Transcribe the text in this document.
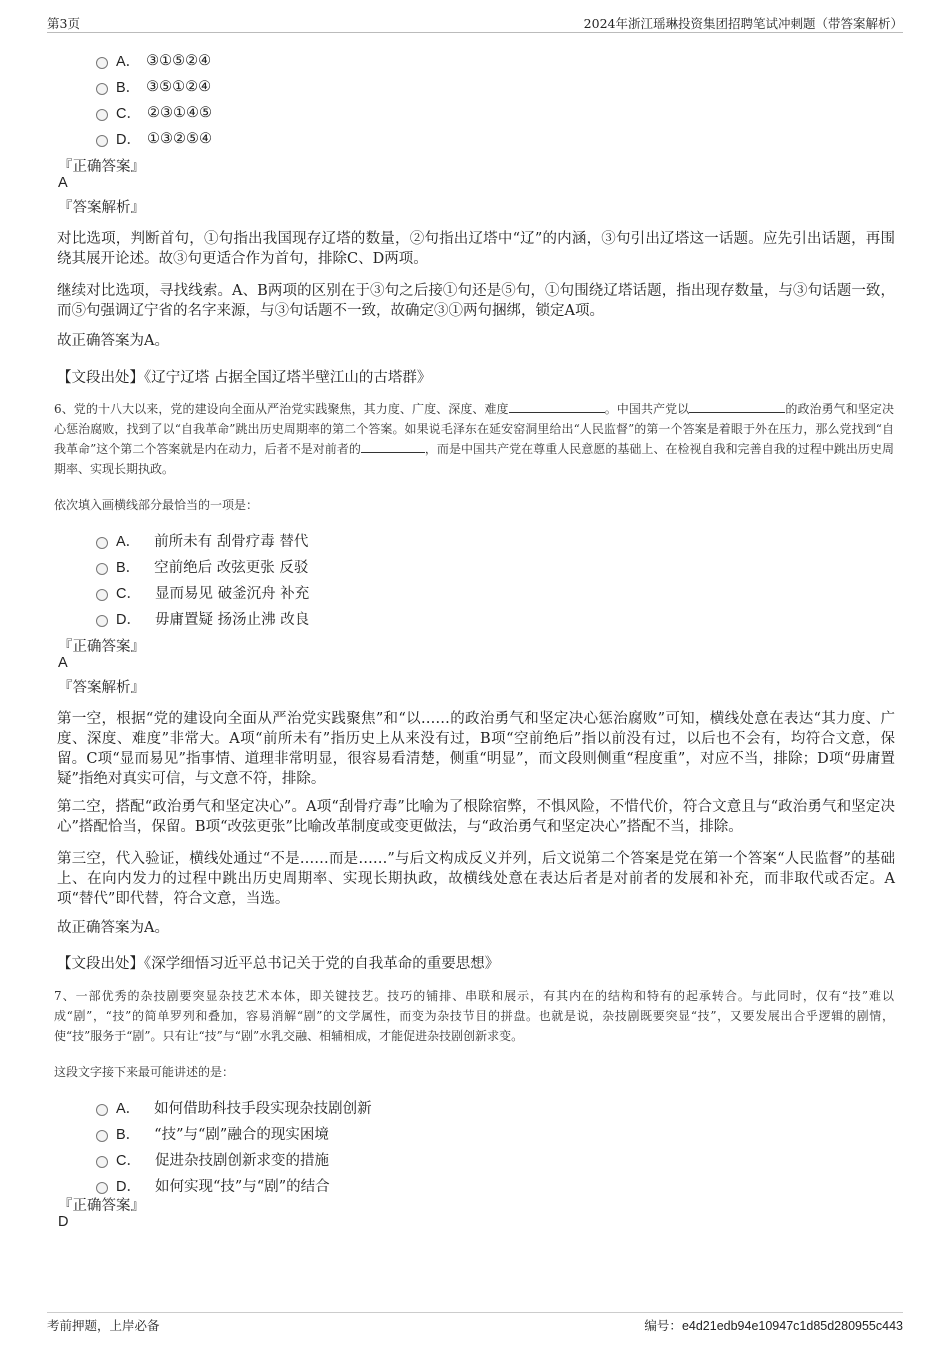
第3页	2024年浙江瑶琳投资集团招聘笔试冲刺题（带答案解析）
A． ③①⑤②④
B． ③⑤①②④
C． ②③①④⑤
D． ①③②⑤④
『正确答案』
A
『答案解析』
对比选项，判断首句，①句指出我国现存辽塔的数量，②句指出辽塔中“辽”的内涵，③句引出辽塔这一话题。应先引出话题，再围绕其展开论述。故③句更适合作为首句，排除C、D两项。
继续对比选项，寻找线索。A、B两项的区别在于③句之后接①句还是⑤句，①句围绕辽塔话题，指出现存数量，与③句话题一致，而⑤句强调辽宁省的名字来源，与③句话题不一致，故确定③①两句捆绑，锁定A项。
故正确答案为A。
【文段出处】《辽宁辽塔 占据全国辽塔半壁江山的古塔群》
6、党的十八大以来，党的建设向全面从严治党实践聚焦，其力度、广度、深度、难度	。中国共产党以	的政治勇气和坚定决心惩治腐败，找到了以“自我革命”跳出历史周期率的第二个答案。如果说毛泽东在延安窑洞里给出“人民监督”的第一个答案是着眼于外在压力，那么党找到“自我革命”这个第二个答案就是内在动力，后者不是对前者的	，而是中国共产党在尊重人民意愿的基础上、在检视自我和完善自我的过程中跳出历史周期率、实现长期执政。
依次填入画横线部分最恰当的一项是：
A． 前所未有 刮骨疗毒 替代
B． 空前绝后 改弦更张 反驳
C． 显而易见 破釜沉舟 补充
D． 毋庸置疑 扬汤止沸 改良
『正确答案』
A
『答案解析』
第一空，根据“党的建设向全面从严治党实践聚焦”和“以……的政治勇气和坚定决心惩治腐败”可知，横线处意在表达“其力度、广度、深度、难度”非常大。A项“前所未有”指历史上从来没有过，B项“空前绝后”指以前没有过，以后也不会有，均符合文意，保留。C项“显而易见”指事情、道理非常明显，很容易看清楚，侧重“明显”，而文段则侧重“程度重”，对应不当，排除；D项“毋庸置疑”指绝对真实可信，与文意不符，排除。
第二空，搭配“政治勇气和坚定决心”。A项“刮骨疗毒”比喻为了根除宿弊，不惧风险，不惜代价，符合文意且与“政治勇气和坚定决心”搭配恰当，保留。B项“改弦更张”比喻改革制度或变更做法，与“政治勇气和坚定决心”搭配不当，排除。
第三空，代入验证，横线处通过“不是……而是……”与后文构成反义并列，后文说第二个答案是党在第一个答案“人民监督”的基础上、在向内发力的过程中跳出历史周期率、实现长期执政，故横线处意在表达后者是对前者的发展和补充，而非取代或否定。A项“替代”即代替，符合文意，当选。
故正确答案为A。
【文段出处】《深学细悟习近平总书记关于党的自我革命的重要思想》
7、一部优秀的杂技剧要突显杂技艺术本体，即关键技艺。技巧的铺排、串联和展示，有其内在的结构和特有的起承转合。与此同时，仅有“技”难以成“剧”，“技”的简单罗列和叠加，容易消解“剧”的文学属性，而变为杂技节目的拼盘。也就是说，杂技剧既要突显“技”，又要发展出合乎逻辑的剧情，使“技”服务于“剧”。只有让“技”与“剧”水乳交融、相辅相成，才能促进杂技剧创新求变。
这段文字接下来最可能讲述的是：
A． 如何借助科技手段实现杂技剧创新
B． “技”与“剧”融合的现实困境
C． 促进杂技剧创新求变的措施
D． 如何实现“技”与“剧”的结合
『正确答案』
D
考前押题，上岸必备	编号：e4d21edb94e10947c1d85d280955c443
